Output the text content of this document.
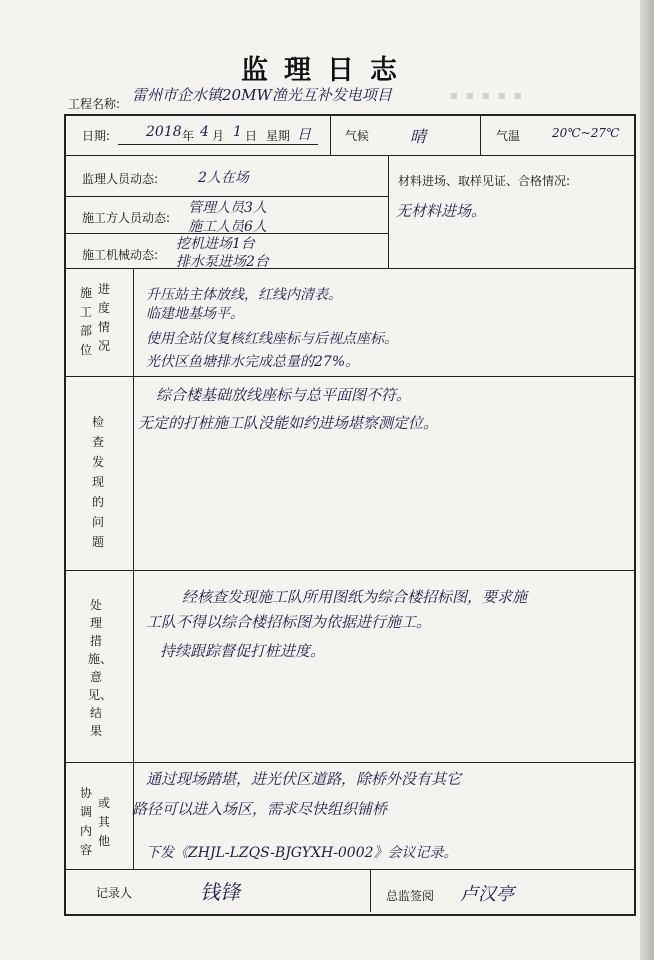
监理日志
工程名称: 雷州市企水镇20MW渔光互补发电项目	▪ ▪ ▪ ▪ ▪
日期:	2018 年 4 月 1 日 星期 日	气候	晴	气温	20℃~27℃
监理人员动态:	2人在场
施工方人员动态:
管理人员3人
施工人员6人
施工机械动态:
挖机进场1台
排水泵进场2台
材料进场、取样见证、合格情况:
无材料进场。
施工部位
进度情况
升压站主体放线，红线内清表。
临建地基场平。
使用全站仪复核红线座标与后视点座标。
光伏区鱼塘排水完成总量的27%。
检查发现的问题
综合楼基础放线座标与总平面图不符。
无定的打桩施工队没能如约进场堪察测定位。
处理措施、意见、结果
经核查发现施工队所用图纸为综合楼招标图，要求施
工队不得以综合楼招标图为依据进行施工。
持续跟踪督促打桩进度。
协调内容
或其他
通过现场踏堪，进光伏区道路，除桥外没有其它
路径可以进入场区，需求尽快组织铺桥
下发《ZHJL-LZQS-BJGYXH-0002》会议记录。
记录人	钱锋	总监签阅 卢汉亭
